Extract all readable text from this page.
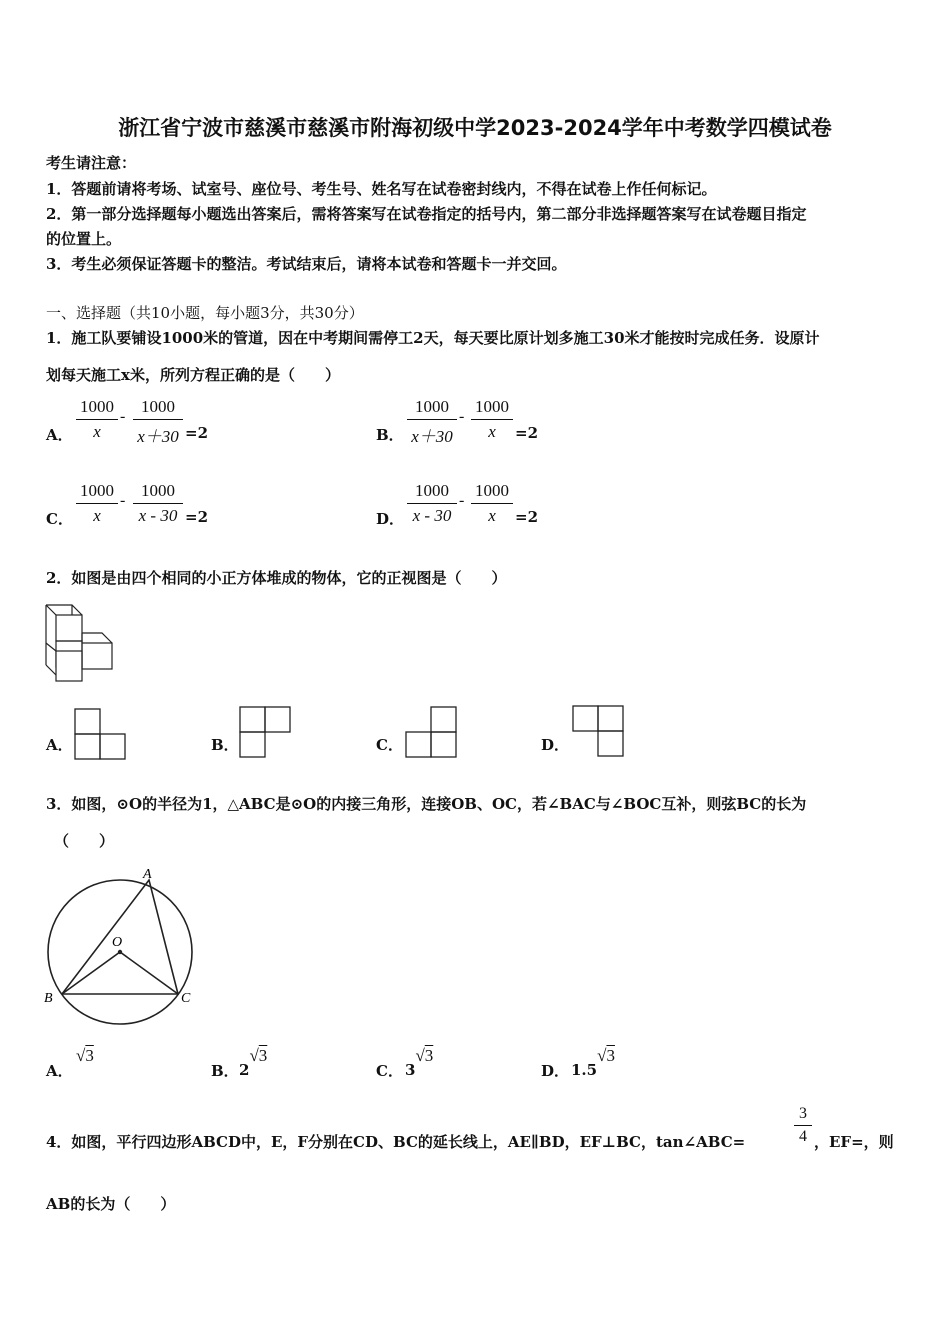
浙江省宁波市慈溪市慈溪市附海初级中学2023-2024学年中考数学四模试卷
考生请注意：
1．答题前请将考场、试室号、座位号、考生号、姓名写在试卷密封线内，不得在试卷上作任何标记。
2．第一部分选择题每小题选出答案后，需将答案写在试卷指定的括号内，第二部分非选择题答案写在试卷题目指定
的位置上。
3．考生必须保证答题卡的整洁。考试结束后，请将本试卷和答题卡一并交回。
一、选择题（共10小题，每小题3分，共30分）
1．施工队要铺设1000米的管道，因在中考期间需停工2天，每天要比原计划多施工30米才能按时完成任务．设原计
划每天施工x米，所列方程正确的是（　　）
A． $\frac{1000}{x} - \frac{1000}{x+30} =2$	B． $\frac{1000}{x+30} - \frac{1000}{x} =2$
C． $\frac{1000}{x} - \frac{1000}{x - 30} =2$	D． $\frac{1000}{x - 30} - \frac{1000}{x} =2$
2．如图是由四个相同的小正方体堆成的物体，它的正视图是（　　）
A．	B．	C．	D．
3．如图，⊙O的半径为1，△ABC是⊙O的内接三角形，连接OB、OC，若∠BAC与∠BOC互补，则弦BC的长为
（　　）
A
O
B	C
A．
√3
B． 2√3
C． 3√3
D． 1.5√3
4．如图，平行四边形ABCD中，E，F分别在CD、BC的延长线上，AE∥BD，EF⊥BC，tan∠ABC=	$\frac{3}{4}$ ，EF=，则
AB的长为（　　）
